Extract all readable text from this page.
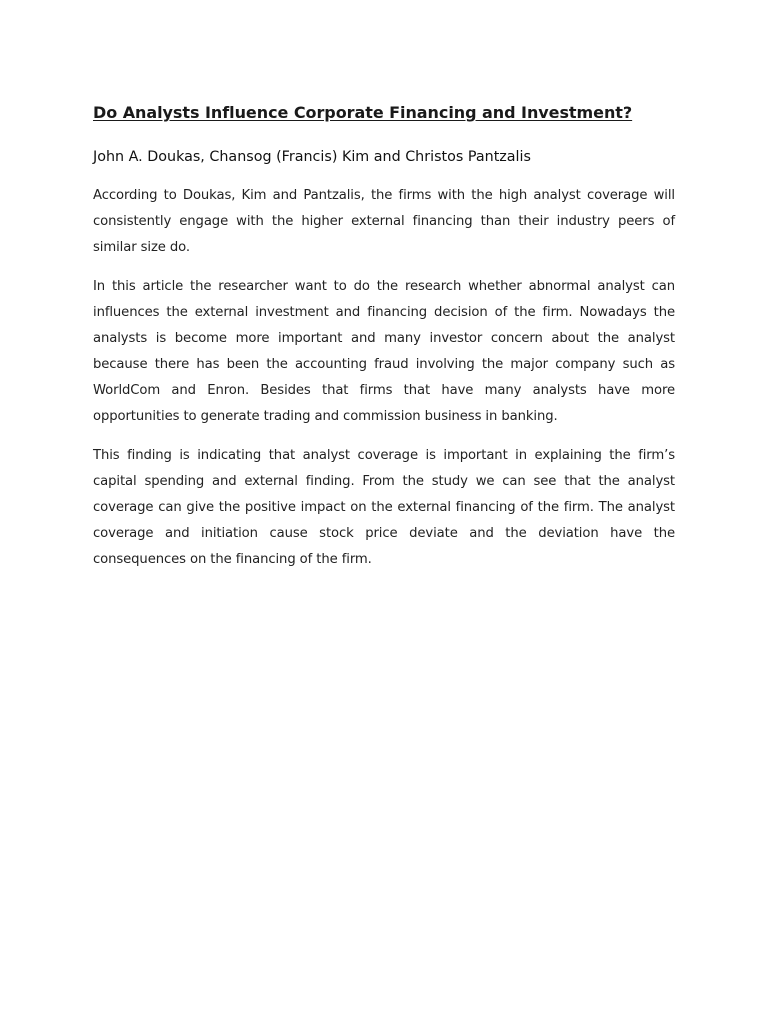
Do Analysts Influence Corporate Financing and Investment?

John A. Doukas, Chansog (Francis) Kim and Christos Pantzalis

According to Doukas, Kim and Pantzalis, the firms with the high analyst coverage will consistently engage with the higher external financing than their industry peers of similar size do.

In this article the researcher want to do the research whether abnormal analyst can influences the external investment and financing decision of the firm. Nowadays the analysts is become more important and many investor concern about the analyst because there has been the accounting fraud involving the major company such as WorldCom and Enron. Besides that firms that have many analysts have more opportunities to generate trading and commission business in banking.

This finding is indicating that analyst coverage is important in explaining the firm’s capital spending and external finding. From the study we can see that the analyst coverage can give the positive impact on the external financing of the firm. The analyst coverage and initiation cause stock price deviate and the deviation have the consequences on the financing of the firm.
